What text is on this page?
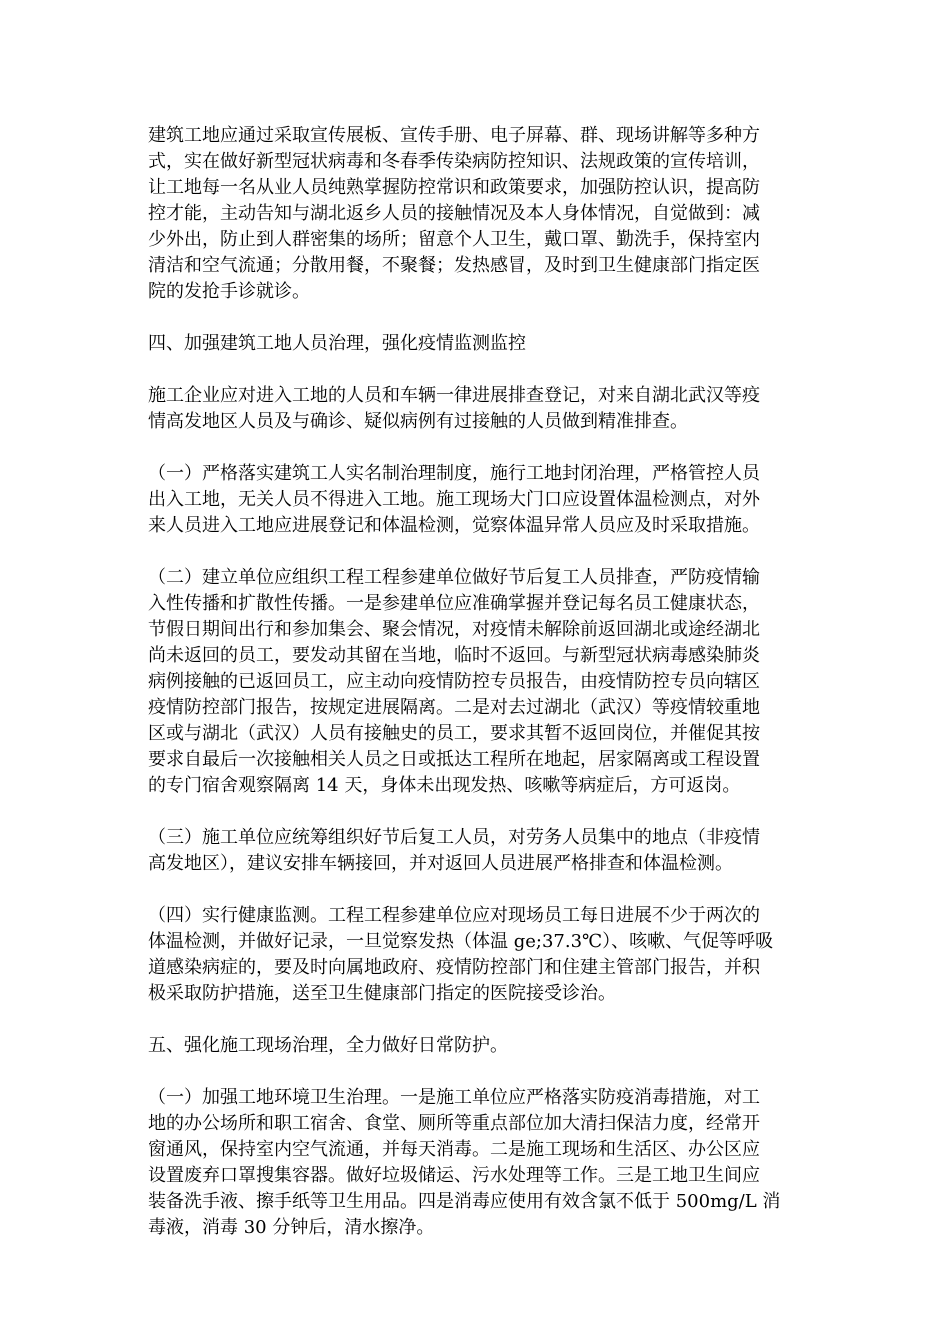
建筑工地应通过采取宣传展板、宣传手册、电子屏幕、群、现场讲解等多种方
式，实在做好新型冠状病毒和冬春季传染病防控知识、法规政策的宣传培训，
让工地每一名从业人员纯熟掌握防控常识和政策要求，加强防控认识，提高防
控才能，主动告知与湖北返乡人员的接触情况及本人身体情况，自觉做到：减
少外出，防止到人群密集的场所；留意个人卫生，戴口罩、勤洗手，保持室内
清洁和空气流通；分散用餐，不聚餐；发热感冒，及时到卫生健康部门指定医
院的发抢手诊就诊。
四、加强建筑工地人员治理，强化疫情监测监控
施工企业应对进入工地的人员和车辆一律进展排查登记，对来自湖北武汉等疫
情高发地区人员及与确诊、疑似病例有过接触的人员做到精准排查。
（一）严格落实建筑工人实名制治理制度，施行工地封闭治理，严格管控人员
出入工地，无关人员不得进入工地。施工现场大门口应设置体温检测点，对外
来人员进入工地应进展登记和体温检测，觉察体温异常人员应及时采取措施。
（二）建立单位应组织工程工程参建单位做好节后复工人员排查，严防疫情输
入性传播和扩散性传播。一是参建单位应准确掌握并登记每名员工健康状态，
节假日期间出行和参加集会、聚会情况，对疫情未解除前返回湖北或途经湖北
尚未返回的员工，要发动其留在当地，临时不返回。与新型冠状病毒感染肺炎
病例接触的已返回员工，应主动向疫情防控专员报告，由疫情防控专员向辖区
疫情防控部门报告，按规定进展隔离。二是对去过湖北（武汉）等疫情较重地
区或与湖北（武汉）人员有接触史的员工，要求其暂不返回岗位，并催促其按
要求自最后一次接触相关人员之日或抵达工程所在地起，居家隔离或工程设置
的专门宿舍观察隔离 14 天，身体未出现发热、咳嗽等病症后，方可返岗。
（三）施工单位应统筹组织好节后复工人员，对劳务人员集中的地点（非疫情
高发地区），建议安排车辆接回，并对返回人员进展严格排查和体温检测。
（四）实行健康监测。工程工程参建单位应对现场员工每日进展不少于两次的
体温检测，并做好记录，一旦觉察发热（体温 ge;37.3℃）、咳嗽、气促等呼吸
道感染病症的，要及时向属地政府、疫情防控部门和住建主管部门报告，并积
极采取防护措施，送至卫生健康部门指定的医院接受诊治。
五、强化施工现场治理，全力做好日常防护。
（一）加强工地环境卫生治理。一是施工单位应严格落实防疫消毒措施，对工
地的办公场所和职工宿舍、食堂、厕所等重点部位加大清扫保洁力度，经常开
窗通风，保持室内空气流通，并每天消毒。二是施工现场和生活区、办公区应
设置废弃口罩搜集容器。做好垃圾储运、污水处理等工作。三是工地卫生间应
装备洗手液、擦手纸等卫生用品。四是消毒应使用有效含氯不低于 500mg/L 消
毒液，消毒 30 分钟后，清水擦净。
